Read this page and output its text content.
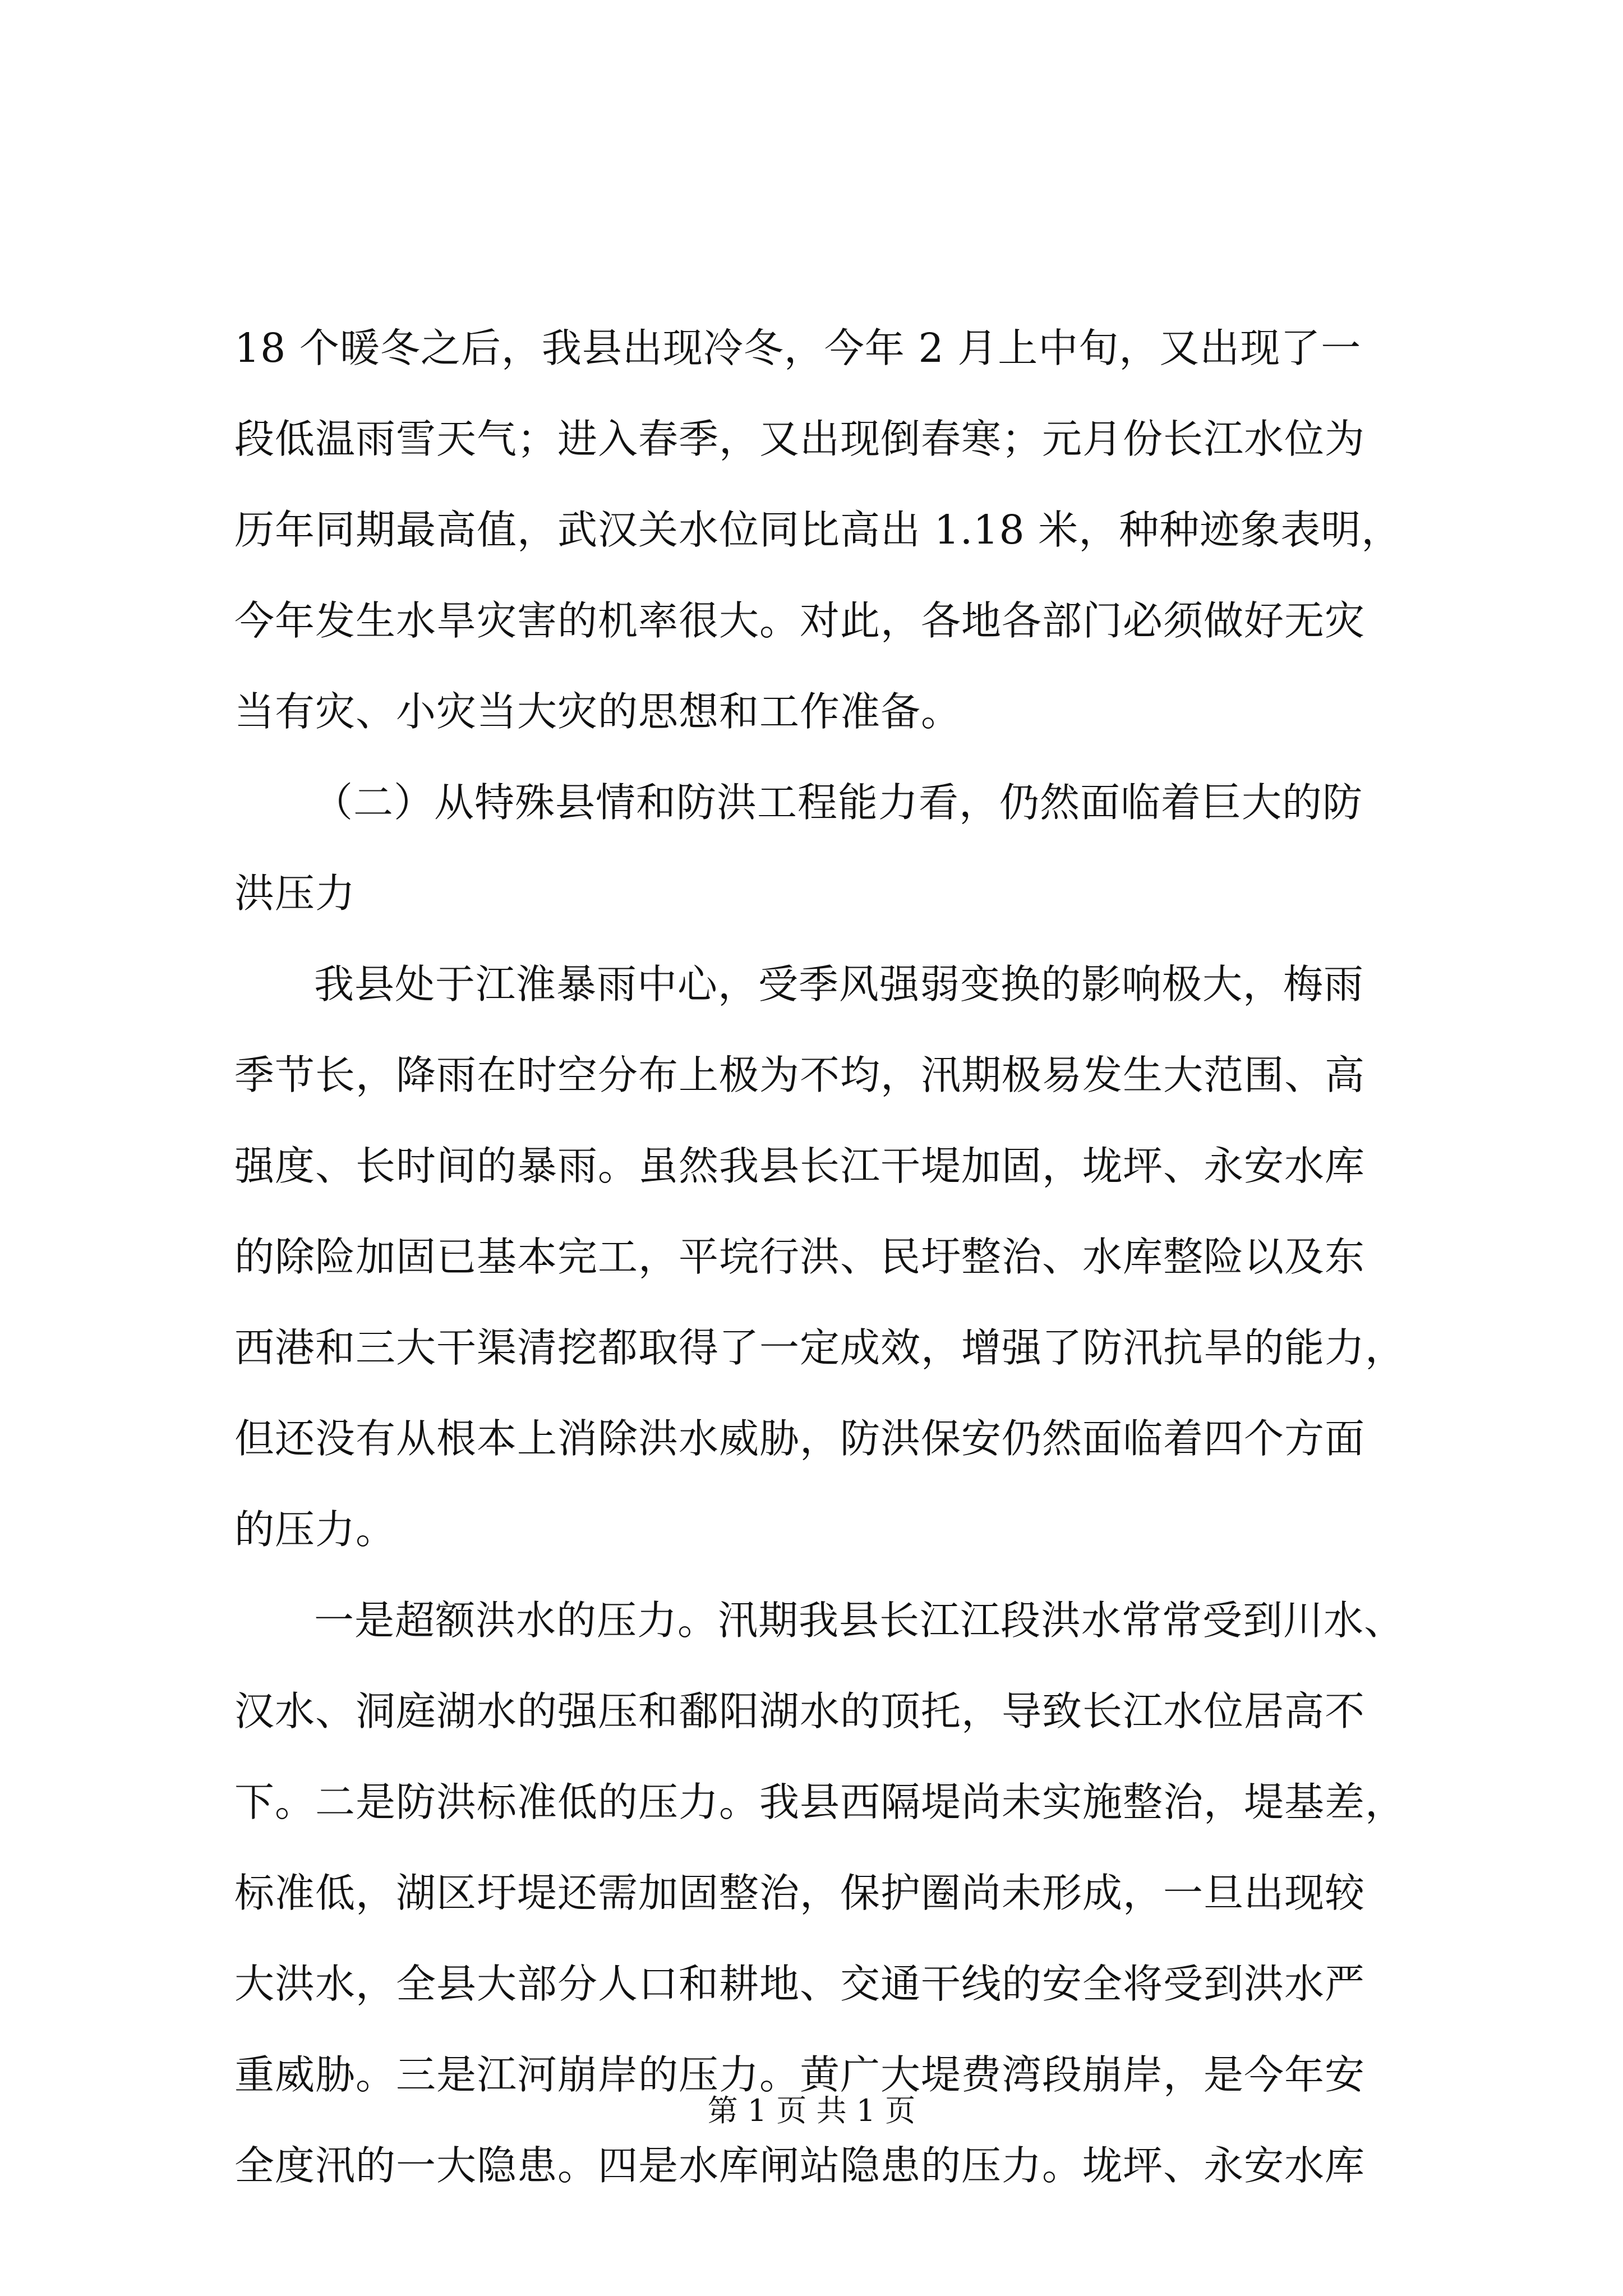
18 个暖冬之后，我县出现冷冬，今年 2 月上中旬，又出现了一
段低温雨雪天气；进入春季，又出现倒春寒；元月份长江水位为
历年同期最高值，武汉关水位同比高出 1.18 米，种种迹象表明，
今年发生水旱灾害的机率很大。对此，各地各部门必须做好无灾
当有灾、小灾当大灾的思想和工作准备。
（二）从特殊县情和防洪工程能力看，仍然面临着巨大的防
洪压力
我县处于江淮暴雨中心，受季风强弱变换的影响极大，梅雨
季节长，降雨在时空分布上极为不均，汛期极易发生大范围、高
强度、长时间的暴雨。虽然我县长江干堤加固，垅坪、永安水库
的除险加固已基本完工，平垸行洪、民圩整治、水库整险以及东
西港和三大干渠清挖都取得了一定成效，增强了防汛抗旱的能力，
但还没有从根本上消除洪水威胁，防洪保安仍然面临着四个方面
的压力。
一是超额洪水的压力。汛期我县长江江段洪水常常受到川水、
汉水、洞庭湖水的强压和鄱阳湖水的顶托，导致长江水位居高不
下。二是防洪标准低的压力。我县西隔堤尚未实施整治，堤基差，
标准低，湖区圩堤还需加固整治，保护圈尚未形成，一旦出现较
大洪水，全县大部分人口和耕地、交通干线的安全将受到洪水严
重威胁。三是江河崩岸的压力。黄广大堤费湾段崩岸，是今年安
全度汛的一大隐患。四是水库闸站隐患的压力。垅坪、永安水库
第 1 页 共 1 页
